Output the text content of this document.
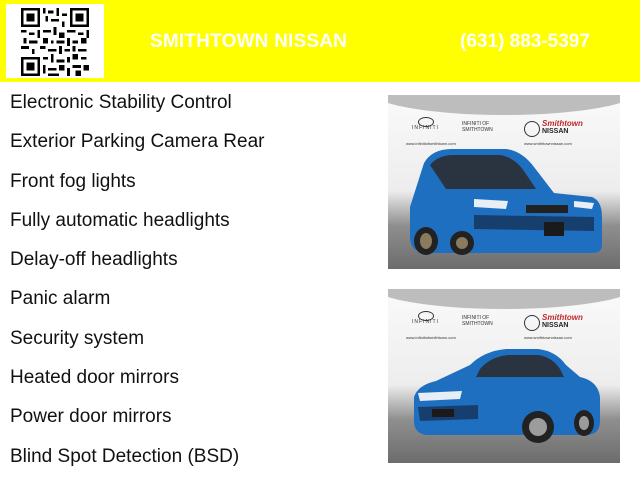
SMITHTOWN NISSAN	(631) 883-5397
Electronic Stability Control
Exterior Parking Camera Rear
Front fog lights
Fully automatic headlights
Delay-off headlights
Panic alarm
Security system
Heated door mirrors
Power door mirrors
Blind Spot Detection (BSD)
INFINITI
INFINITI OF
SMITHTOWN
Smithtown
NISSAN
www.infinitiofsmithtown.com	www.smithtownnissan.com
INFINITI
INFINITI OF
SMITHTOWN
Smithtown
NISSAN
www.infinitiofsmithtown.com	www.smithtownnissan.com
